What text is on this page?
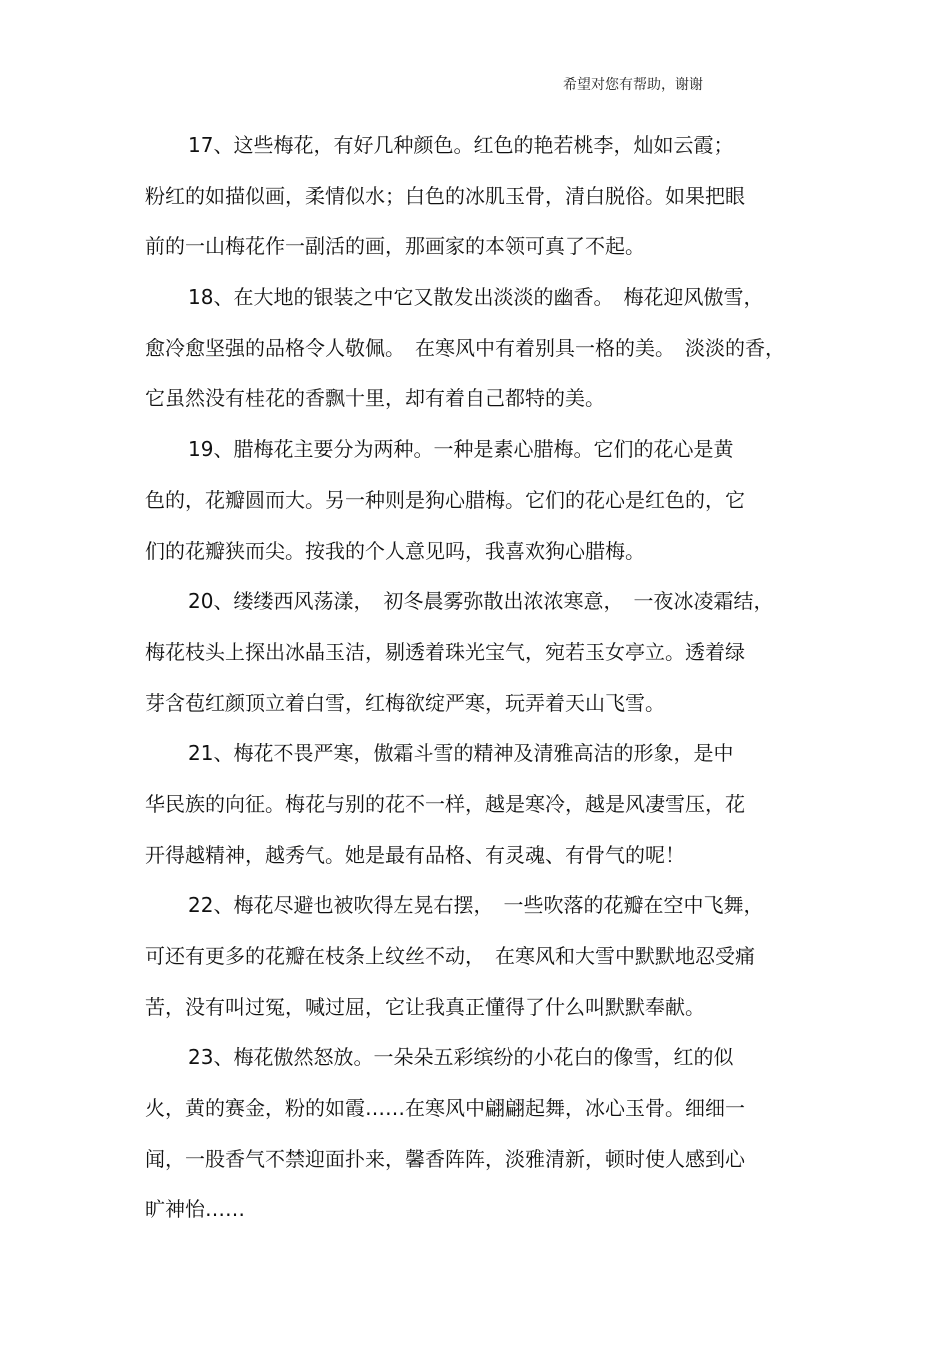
希望对您有帮助，谢谢
17、这些梅花，有好几种颜色。红色的艳若桃李，灿如云霞；
粉红的如描似画，柔情似水；白色的冰肌玉骨，清白脱俗。如果把眼
前的一山梅花作一副活的画，那画家的本领可真了不起。
18、在大地的银装之中它又散发出淡淡的幽香。　梅花迎风傲雪，
愈冷愈坚强的品格令人敬佩。　在寒风中有着别具一格的美。　淡淡的香，
它虽然没有桂花的香飘十里，却有着自己都特的美。
19、腊梅花主要分为两种。一种是素心腊梅。它们的花心是黄
色的，花瓣圆而大。另一种则是狗心腊梅。它们的花心是红色的，它
们的花瓣狭而尖。按我的个人意见吗，我喜欢狗心腊梅。
20、缕缕西风荡漾，　初冬晨雾弥散出浓浓寒意，　一夜冰凌霜结，
梅花枝头上探出冰晶玉洁，剔透着珠光宝气，宛若玉女亭立。透着绿
芽含苞红颜顶立着白雪，红梅欲绽严寒，玩弄着天山飞雪。
21、梅花不畏严寒，傲霜斗雪的精神及清雅高洁的形象，是中
华民族的向征。梅花与别的花不一样，越是寒冷，越是风凄雪压，花
开得越精神，越秀气。她是最有品格、有灵魂、有骨气的呢！
22、梅花尽避也被吹得左晃右摆，　一些吹落的花瓣在空中飞舞，
可还有更多的花瓣在枝条上纹丝不动，　在寒风和大雪中默默地忍受痛
苦，没有叫过冤，喊过屈，它让我真正懂得了什么叫默默奉献。
23、梅花傲然怒放。一朵朵五彩缤纷的小花白的像雪，红的似
火，黄的赛金，粉的如霞……在寒风中翩翩起舞，冰心玉骨。细细一
闻，一股香气不禁迎面扑来，馨香阵阵，淡雅清新，顿时使人感到心
旷神怡……
